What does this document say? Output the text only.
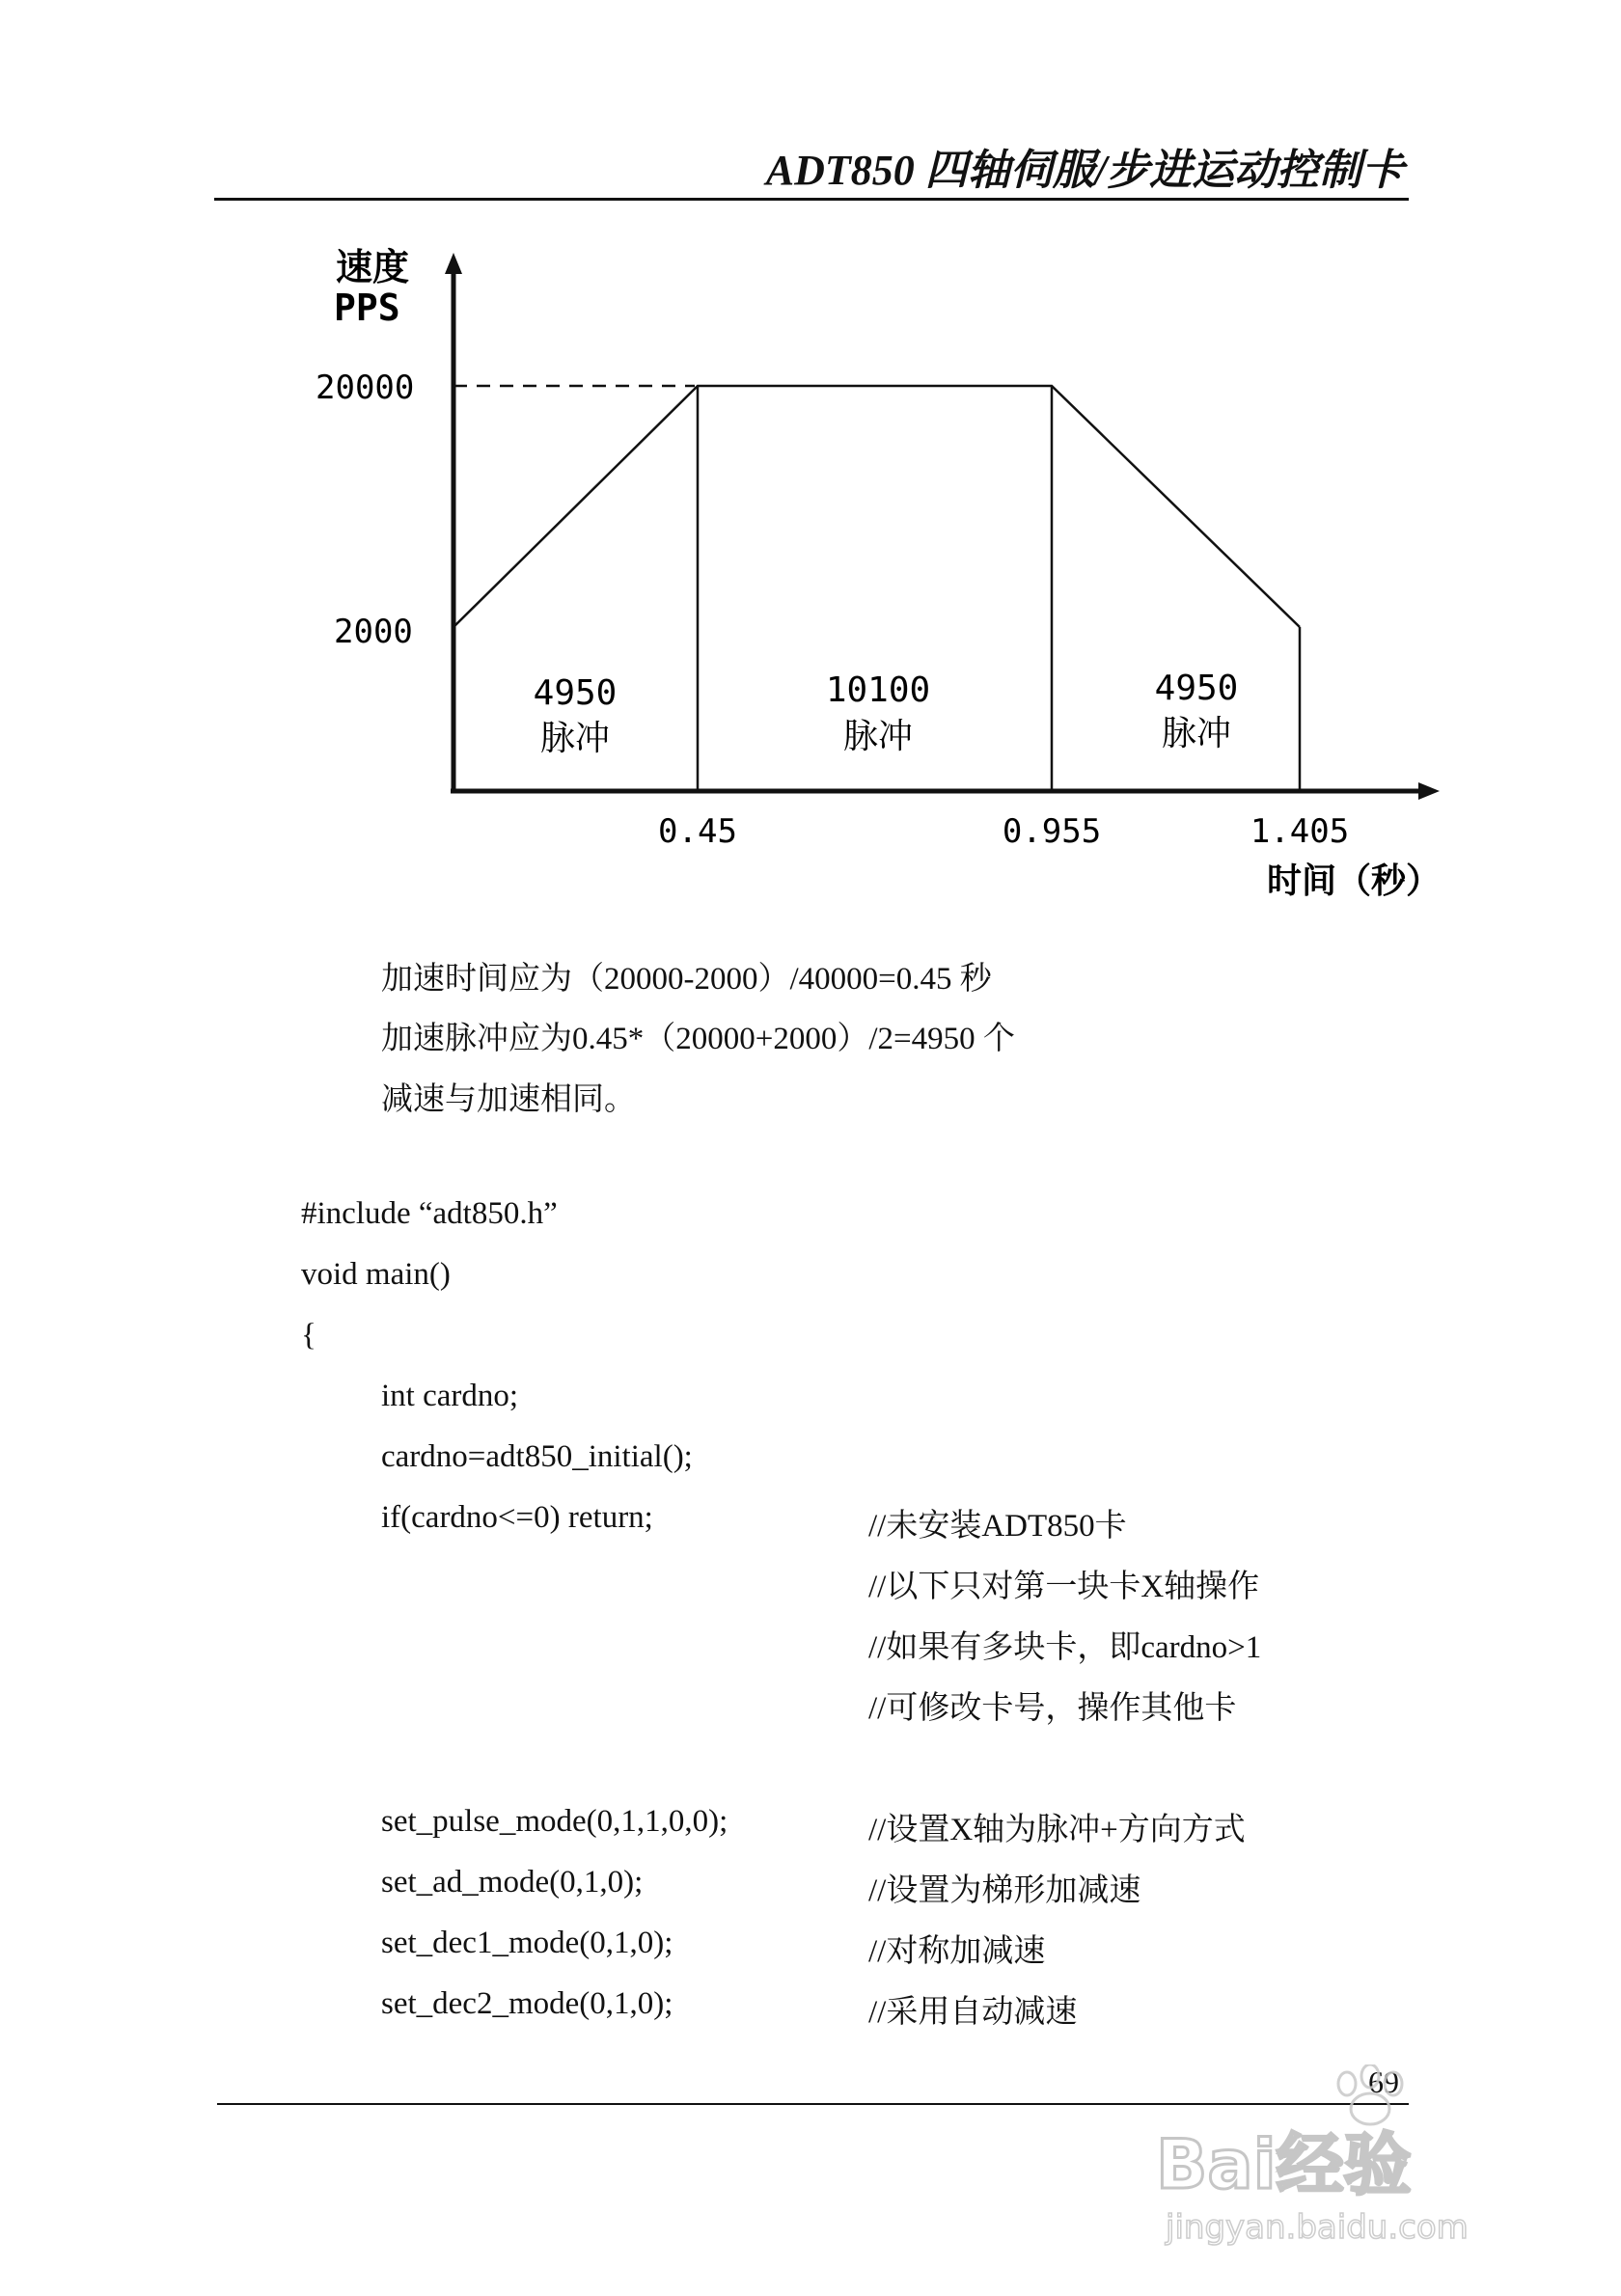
ADT850 四轴伺服/步进运动控制卡
速度
PPS
时间（秒）
20000
2000
0.45	0.955	1.405
4950
脉冲
10100
脉冲
4950
脉冲
加速时间应为（20000-2000）/40000=0.45 秒
加速脉冲应为0.45*（20000+2000）/2=4950 个
减速与加速相同。
#include “adt850.h”
void main()
{
int cardno;
cardno=adt850_initial();
if(cardno<=0) return;	//未安装ADT850卡
//以下只对第一块卡X轴操作
//如果有多块卡，即cardno>1
//可修改卡号，操作其他卡
set_pulse_mode(0,1,1,0,0);	//设置X轴为脉冲+方向方式
set_ad_mode(0,1,0);	//设置为梯形加减速
set_dec1_mode(0,1,0);	//对称加减速
set_dec2_mode(0,1,0);	//采用自动减速
69
Bai经验
jingyan.baidu.com
